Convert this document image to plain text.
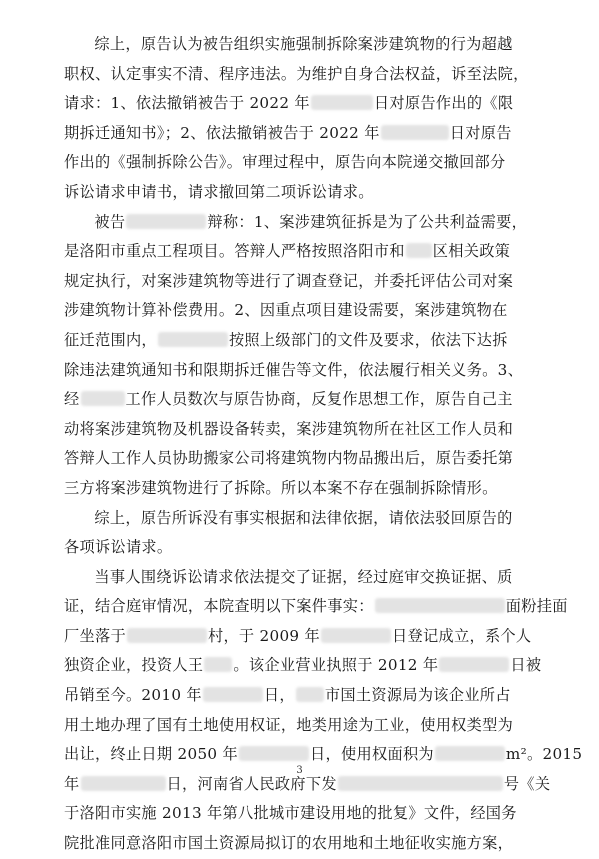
综上，原告认为被告组织实施强制拆除案涉建筑物的行为超越
职权、认定事实不清、程序违法。为维护自身合法权益，诉至法院，
请求：1、依法撤销被告于 2022 年	日对原告作出的《限
期拆迁通知书》；2、依法撤销被告于 2022 年	日对原告
作出的《强制拆除公告》。审理过程中，原告向本院递交撤回部分
诉讼请求申请书，请求撤回第二项诉讼请求。

被告	辩称：1、案涉建筑征拆是为了公共利益需要，
是洛阳市重点工程项目。答辩人严格按照洛阳市和 区相关政策
规定执行，对案涉建筑物等进行了调查登记，并委托评估公司对案
涉建筑物计算补偿费用。2、因重点项目建设需要，案涉建筑物在
征迁范围内，	按照上级部门的文件及要求，依法下达拆
除违法建筑通知书和限期拆迁催告等文件，依法履行相关义务。3、
经	工作人员数次与原告协商，反复作思想工作，原告自己主
动将案涉建筑物及机器设备转卖，案涉建筑物所在社区工作人员和
答辩人工作人员协助搬家公司将建筑物内物品搬出后，原告委托第
三方将案涉建筑物进行了拆除。所以本案不存在强制拆除情形。

综上，原告所诉没有事实根据和法律依据，请依法驳回原告的
各项诉讼请求。

当事人围绕诉讼请求依法提交了证据，经过庭审交换证据、质
证，结合庭审情况，本院查明以下案件事实：	面粉挂面
厂坐落于	村，于 2009 年	日登记成立，系个人
独资企业，投资人王 。该企业营业执照于 2012 年	日被
吊销至今。2010 年	日， 市国土资源局为该企业所占
用土地办理了国有土地使用权证，地类用途为工业，使用权类型为
出让，终止日期 2050 年	日，使用权面积为	m²。2015
年	日，河南省人民政府下发	号《关
于洛阳市实施 2013 年第八批城市建设用地的批复》文件，经国务
院批准同意洛阳市国土资源局拟订的农用地和土地征收实施方案，

3
